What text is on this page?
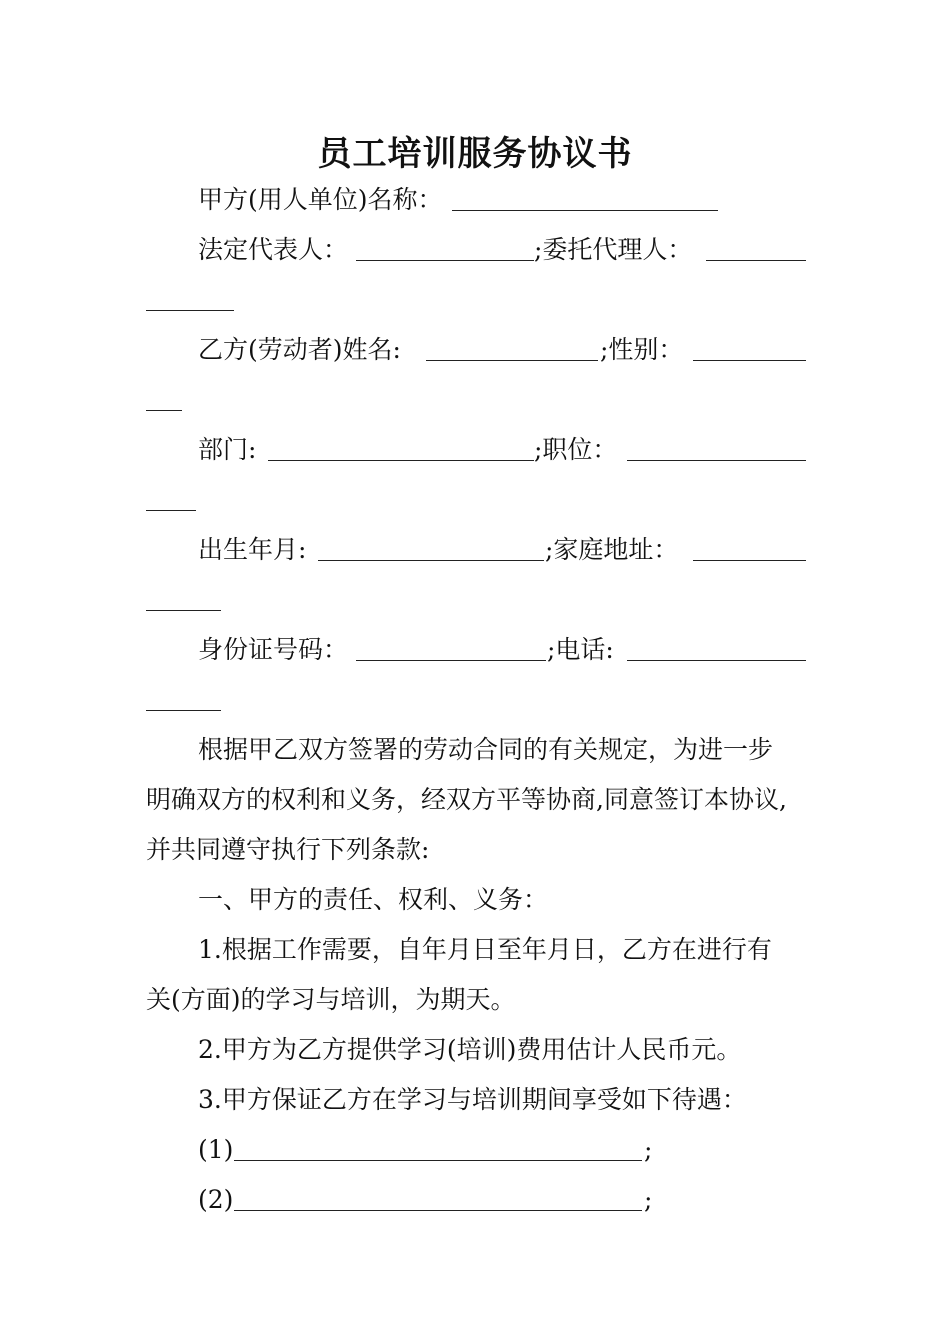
员工培训服务协议书
甲方(用人单位)名称：
法定代表人：	;委托代理人：
乙方(劳动者)姓名:	;性别：
部门:	;职位：
出生年月:	;家庭地址：
身份证号码：	;电话:
根据甲乙双方签署的劳动合同的有关规定，为进一步
明确双方的权利和义务，经双方平等协商,同意签订本协议,
并共同遵守执行下列条款:
一、甲方的责任、权利、义务：
1.根据工作需要，自年月日至年月日，乙方在进行有
关(方面)的学习与培训，为期天。
2.甲方为乙方提供学习(培训)费用估计人民币元。
3.甲方保证乙方在学习与培训期间享受如下待遇：
(1)	;
(2)	;
